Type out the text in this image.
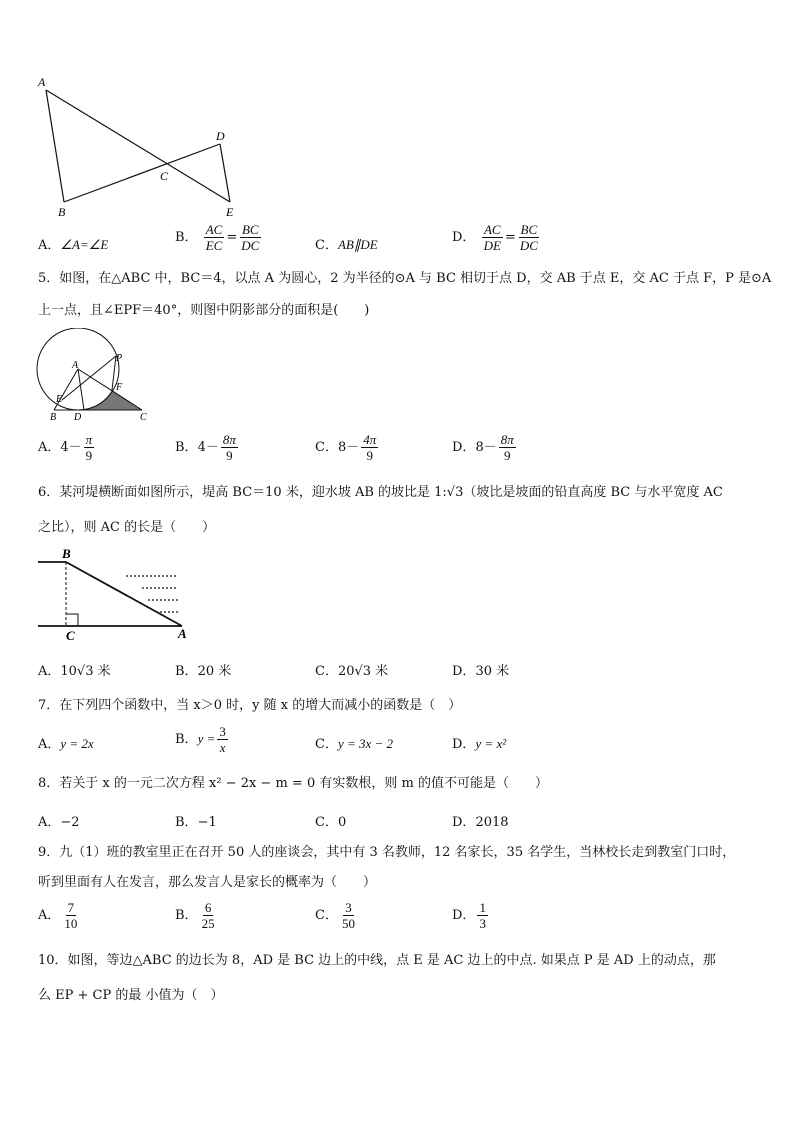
A
B
C
D
E
A．∠A=∠E	B． $\frac{AC}{EC} = \frac{BC}{DC}$	C．AB∥DE	D． $\frac{AC}{DE} = \frac{BC}{DC}$
5．如图，在△ABC 中，BC＝4，以点 A 为圆心，2 为半径的⊙A 与 BC 相切于点 D，交 AB 于点 E，交 AC 于点 F，P 是⊙A
上一点，且∠EPF＝40°，则图中阴影部分的面积是(　　)
P
A
F
E
B D	C
A．$4- \frac{\pi}{9}$	B．$4- \frac{8\pi}{9}$	C．$8- \frac{4\pi}{9}$	D．$8- \frac{8\pi}{9}$
6．某河堤横断面如图所示，堤高 BC＝10 米，迎水坡 AB 的坡比是 1:√3（坡比是坡面的铅直高度 BC 与水平宽度 AC
之比），则 AC 的长是（　　）
B
C	A
A．10√3 米	B．20 米	C．20√3 米	D．30 米
7．在下列四个函数中，当 x＞0 时，y 随 x 的增大而减小的函数是（　）
A．y = 2x	B．$y = \frac{3}{x}$	C．y = 3x − 2	D．y = x²
8．若关于 x 的一元二次方程 x² − 2x − m = 0 有实数根，则 m 的值不可能是（　　）
A．−2	B．−1	C．0	D．2018
9．九（1）班的教室里正在召开 50 人的座谈会，其中有 3 名教师，12 名家长，35 名学生，当林校长走到教室门口时，
听到里面有人在发言，那么发言人是家长的概率为（　　）
A． $\frac{7}{10}$	B． $\frac{6}{25}$	C． $\frac{3}{50}$	D． $\frac{1}{3}$
10．如图，等边△ABC 的边长为 8，AD 是 BC 边上的中线，点 E 是 AC 边上的中点. 如果点 P 是 AD 上的动点，那
么 EP + CP 的最 小值为（　）
